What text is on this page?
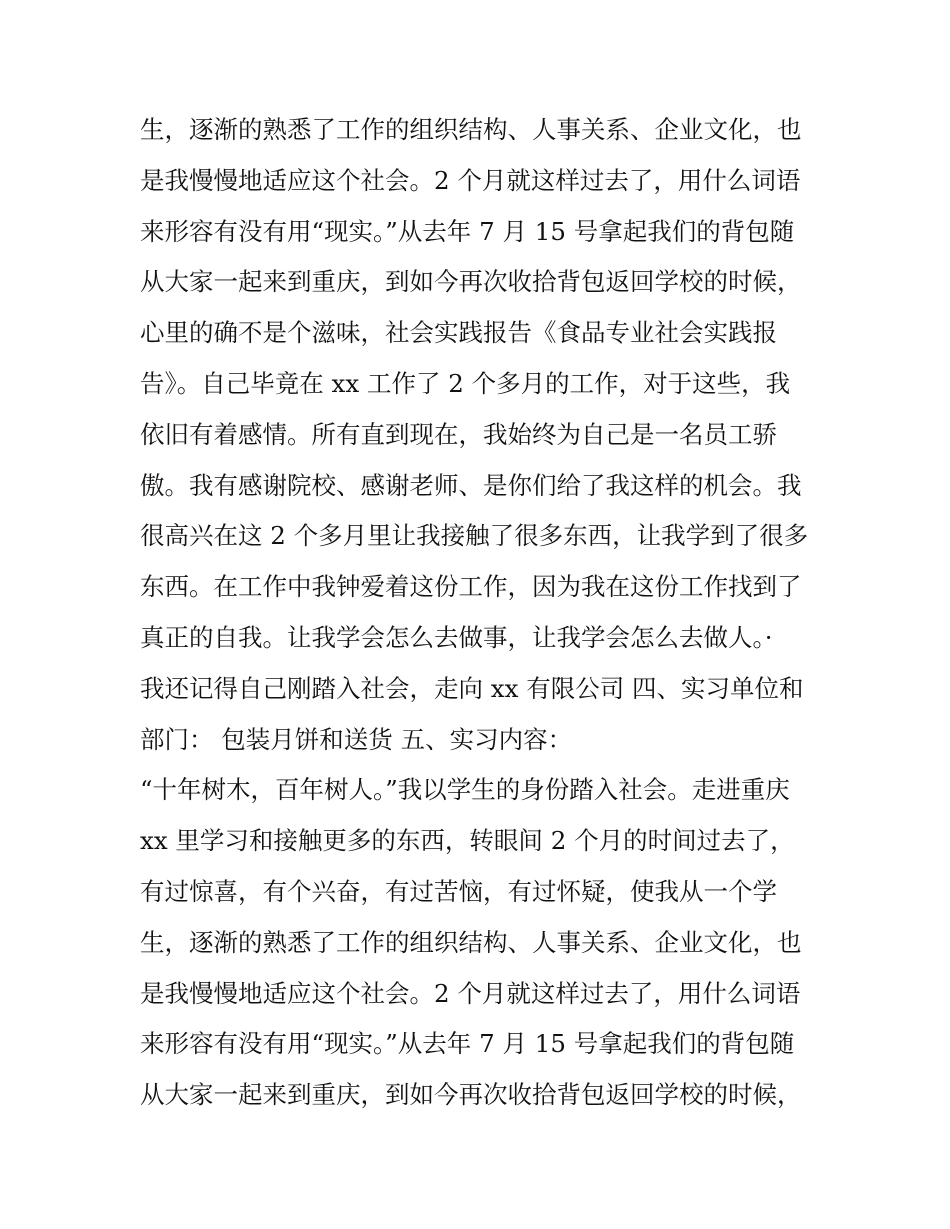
生，逐渐的熟悉了工作的组织结构、人事关系、企业文化，也
是我慢慢地适应这个社会。2 个月就这样过去了，用什么词语
来形容有没有用“现实。”从去年 7 月 15 号拿起我们的背包随
从大家一起来到重庆，到如今再次收拾背包返回学校的时候，
心里的确不是个滋味，社会实践报告《食品专业社会实践报
告》。自己毕竟在 xx 工作了 2 个多月的工作，对于这些，我
依旧有着感情。所有直到现在，我始终为自己是一名员工骄
傲。我有感谢院校、感谢老师、是你们给了我这样的机会。我
很高兴在这 2 个多月里让我接触了很多东西，让我学到了很多
东西。在工作中我钟爱着这份工作，因为我在这份工作找到了
真正的自我。让我学会怎么去做事，让我学会怎么去做人。·
我还记得自己刚踏入社会，走向 xx 有限公司 四、实习单位和
部门： 包装月饼和送货 五、实习内容：
“十年树木，百年树人。”我以学生的身份踏入社会。走进重庆
xx 里学习和接触更多的东西，转眼间 2 个月的时间过去了，
有过惊喜，有个兴奋，有过苦恼，有过怀疑，使我从一个学
生，逐渐的熟悉了工作的组织结构、人事关系、企业文化，也
是我慢慢地适应这个社会。2 个月就这样过去了，用什么词语
来形容有没有用“现实。”从去年 7 月 15 号拿起我们的背包随
从大家一起来到重庆，到如今再次收拾背包返回学校的时候，
